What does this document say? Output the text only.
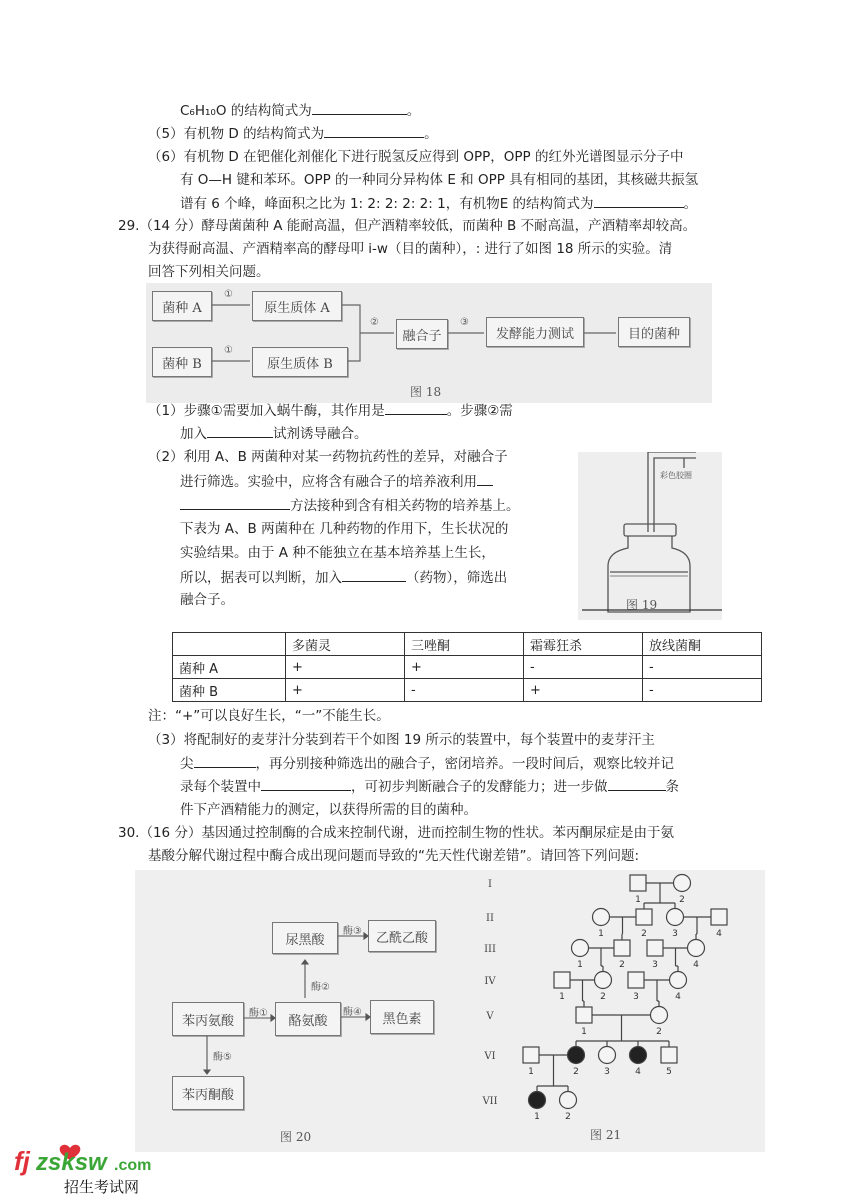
C₆H₁₀O 的结构简式为	。
（5）有机物 D 的结构简式为	。
（6）有机物 D 在钯催化剂催化下进行脱氢反应得到 OPP，OPP 的红外光谱图显示分子中
有 O—H 键和苯环。OPP 的一种同分异构体 E 和 OPP 具有相同的基团，其核磁共振氢
谱有 6 个峰，峰面积之比为 1: 2: 2: 2: 2: 1，有机物E 的结构简式为	。
29.（14 分）酵母菌菌种 A 能耐高温，但产酒精率较低，而菌种 B 不耐高温，产酒精率却较高。
为获得耐高温、产酒精率高的酵母叩 i-w（目的菌种），: 进行了如图 18 所示的实验。清
回答下列相关问题。
菌种 A	原生质体 A
菌种 B	原生质体 B
融合子	发酵能力测试	目的菌种
①
①
②	③
图 18
（1）步骤①需要加入蜗牛酶，其作用是	。步骤②需
加入	试剂诱导融合。
（2）利用 A、B 两菌种对某一药物抗药性的差异，对融合子
进行筛选。实验中，应将含有融合子的培养液利用
方法接种到含有相关药物的培养基上。
下表为 A、B 两菌种在 几种药物的作用下，生长状况的
实验结果。由于 A 种不能独立在基本培养基上生长，
所以，据表可以判断，加入	（药物），筛选出
融合子。
彩色胶圈
图 19
	多菌灵	三唑酮	霜霉狂杀	放线菌酮
菌种 A	+	+	-	-
菌种 B	+	-	+	-
注：“+”可以良好生长，“一”不能生长。
（3）将配制好的麦芽汁分装到若干个如图 19 所示的装置中，每个装置中的麦芽汗主
尖	，再分别接种筛选出的融合子，密闭培养。一段时间后，观察比较并记
录每个装置中	，可初步判断融合子的发酵能力；进一步做	条
件下产酒精能力的测定，以获得所需的目的菌种。
30.（16 分）基因通过控制酶的合成来控制代谢，进而控制生物的性状。苯丙酮尿症是由于氨
基酸分解代谢过程中酶合成出现问题而导致的“先天性代谢差错”。请回答下列问题:
尿黑酸	乙酰乙酸
苯丙氨酸	酪氨酸	黑色素
苯丙酮酸
酶①
酶②
酶③
酶④
酶⑤
图 20
I
II
III
IV
V
VI
VII
1	2
1	2	3	4
1	2	3	4
1	2	3	4
1	2
1	2	3	4	5
1	2
图 21
fj zsksw .com
招生考试网
